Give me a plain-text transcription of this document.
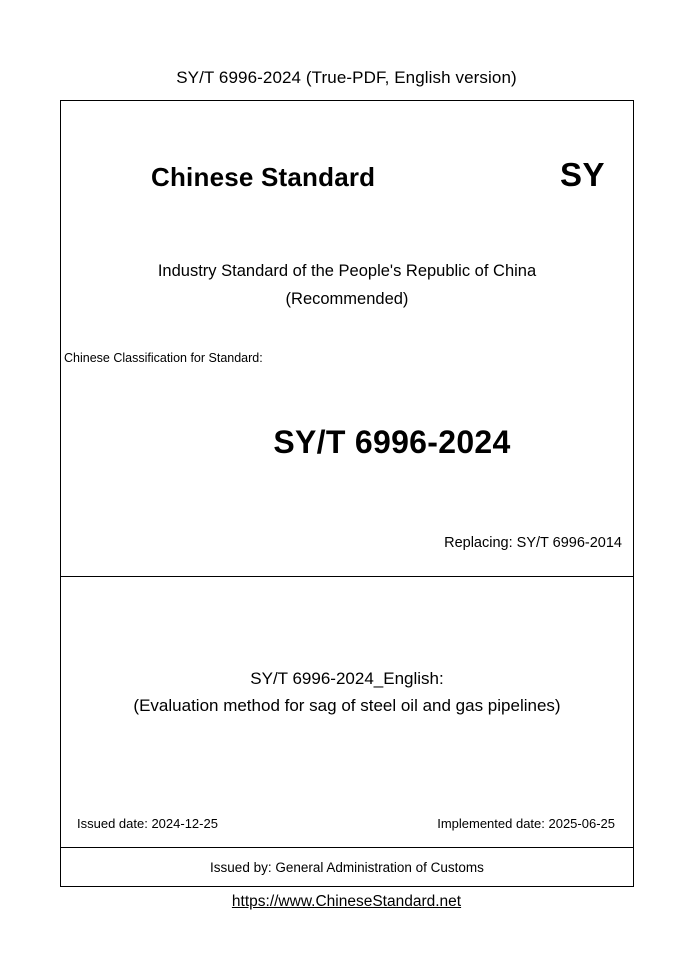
SY/T 6996-2024 (True-PDF, English version)
Chinese Standard	SY
Industry Standard of the People's Republic of China
(Recommended)
Chinese Classification for Standard:
SY/T 6996-2024
Replacing: SY/T 6996-2014
SY/T 6996-2024_English:
(Evaluation method for sag of steel oil and gas pipelines)
Issued date: 2024-12-25	Implemented date: 2025-06-25
Issued by: General Administration of Customs
https://www.ChineseStandard.net
